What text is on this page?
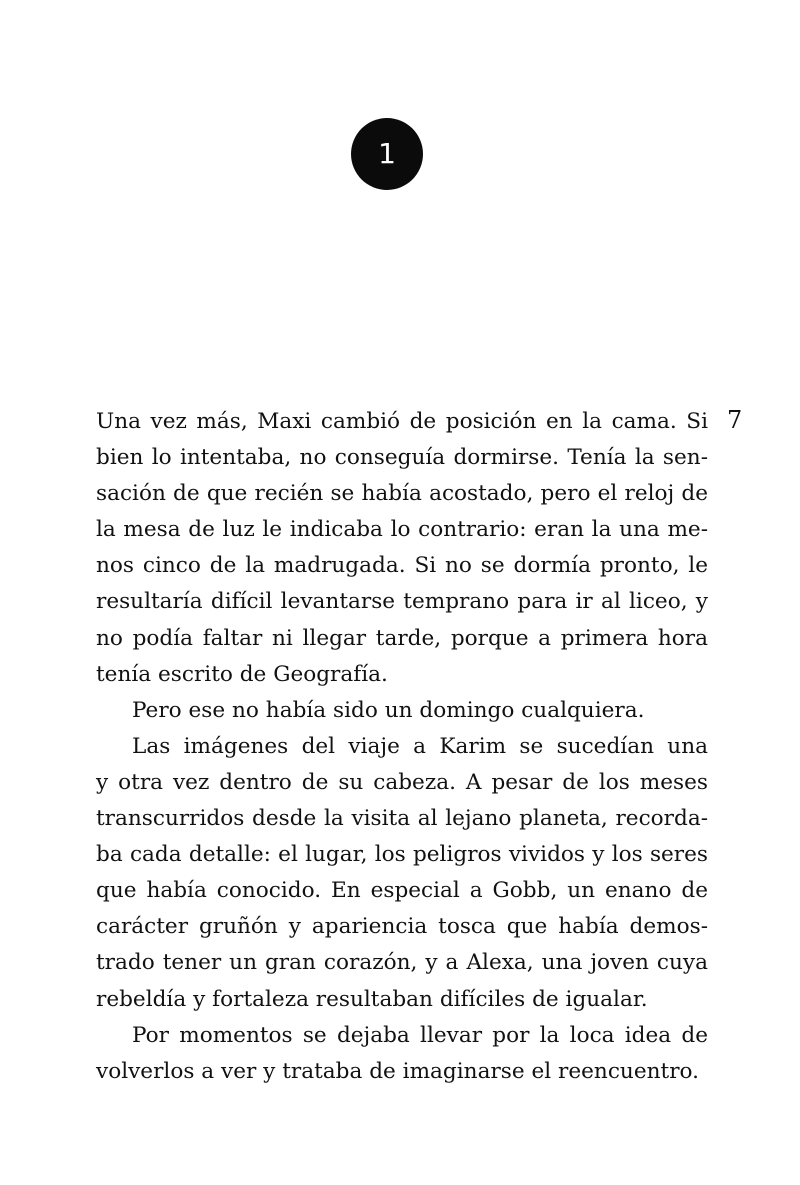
1
7
Una vez más, Maxi cambió de posición en la cama. Si
bien lo intentaba, no conseguía dormirse. Tenía la sen-
sación de que recién se había acostado, pero el reloj de
la mesa de luz le indicaba lo contrario: eran la una me-
nos cinco de la madrugada. Si no se dormía pronto, le
resultaría difícil levantarse temprano para ir al liceo, y
no podía faltar ni llegar tarde, porque a primera hora
tenía escrito de Geografía.
Pero ese no había sido un domingo cualquiera.
Las imágenes del viaje a Karim se sucedían una
y otra vez dentro de su cabeza. A pesar de los meses
transcurridos desde la visita al lejano planeta, recorda-
ba cada detalle: el lugar, los peligros vividos y los seres
que había conocido. En especial a Gobb, un enano de
carácter gruñón y apariencia tosca que había demos-
trado tener un gran corazón, y a Alexa, una joven cuya
rebeldía y fortaleza resultaban difíciles de igualar.
Por momentos se dejaba llevar por la loca idea de
volverlos a ver y trataba de imaginarse el reencuentro.
